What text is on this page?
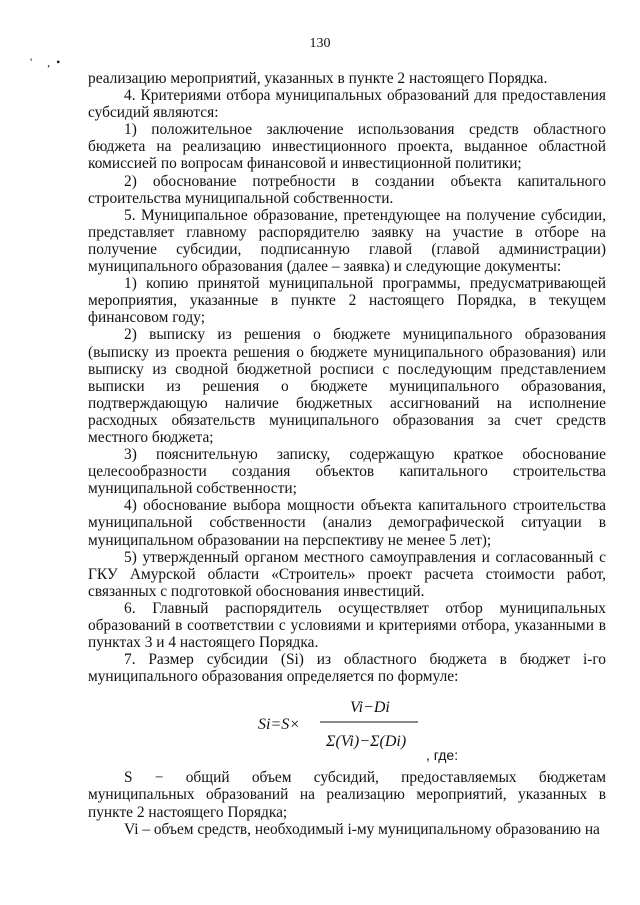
130
' ,•

реализацию мероприятий, указанных в пункте 2 настоящего Порядка.

4. Критериями отбора муниципальных образований для предоставления субсидий являются:

1) положительное заключение использования средств областного бюджета на реализацию инвестиционного проекта, выданное областной комиссией по вопросам финансовой и инвестиционной политики;

2) обоснование потребности в создании объекта капитального строительства муниципальной собственности.

5. Муниципальное образование, претендующее на получение субсидии, представляет главному распорядителю заявку на участие в отборе на получение субсидии, подписанную главой (главой администрации) муниципального образования (далее – заявка) и следующие документы:

1) копию принятой муниципальной программы, предусматривающей мероприятия, указанные в пункте 2 настоящего Порядка, в текущем финансовом году;

2) выписку из решения о бюджете муниципального образования (выписку из проекта решения о бюджете муниципального образования) или выписку из сводной бюджетной росписи с последующим представлением выписки из решения о бюджете муниципального образования, подтверждающую наличие бюджетных ассигнований на исполнение расходных обязательств муниципального образования за счет средств местного бюджета;

3) пояснительную записку, содержащую краткое обоснование целесообразности создания объектов капитального строительства муниципальной собственности;

4) обоснование выбора мощности объекта капитального строительства муниципальной собственности (анализ демографической ситуации в муниципальном образовании на перспективу не менее 5 лет);

5) утвержденный органом местного самоуправления и согласованный с ГКУ Амурской области «Строитель» проект расчета стоимости работ, связанных с подготовкой обоснования инвестиций.

6. Главный распорядитель осуществляет отбор муниципальных образований в соответствии с условиями и критериями отбора, указанными в пунктах 3 и 4 настоящего Порядка.

7. Размер субсидии (Si) из областного бюджета в бюджет i-го муниципального образования определяется по формуле:

Si=S×
Vi−Di
Σ(Vi)−Σ(Di)
, где:

S − общий объем субсидий, предоставляемых бюджетам муниципальных образований на реализацию мероприятий, указанных в пункте 2 настоящего Порядка;

Vi – объем средств, необходимый i-му муниципальному образованию на
